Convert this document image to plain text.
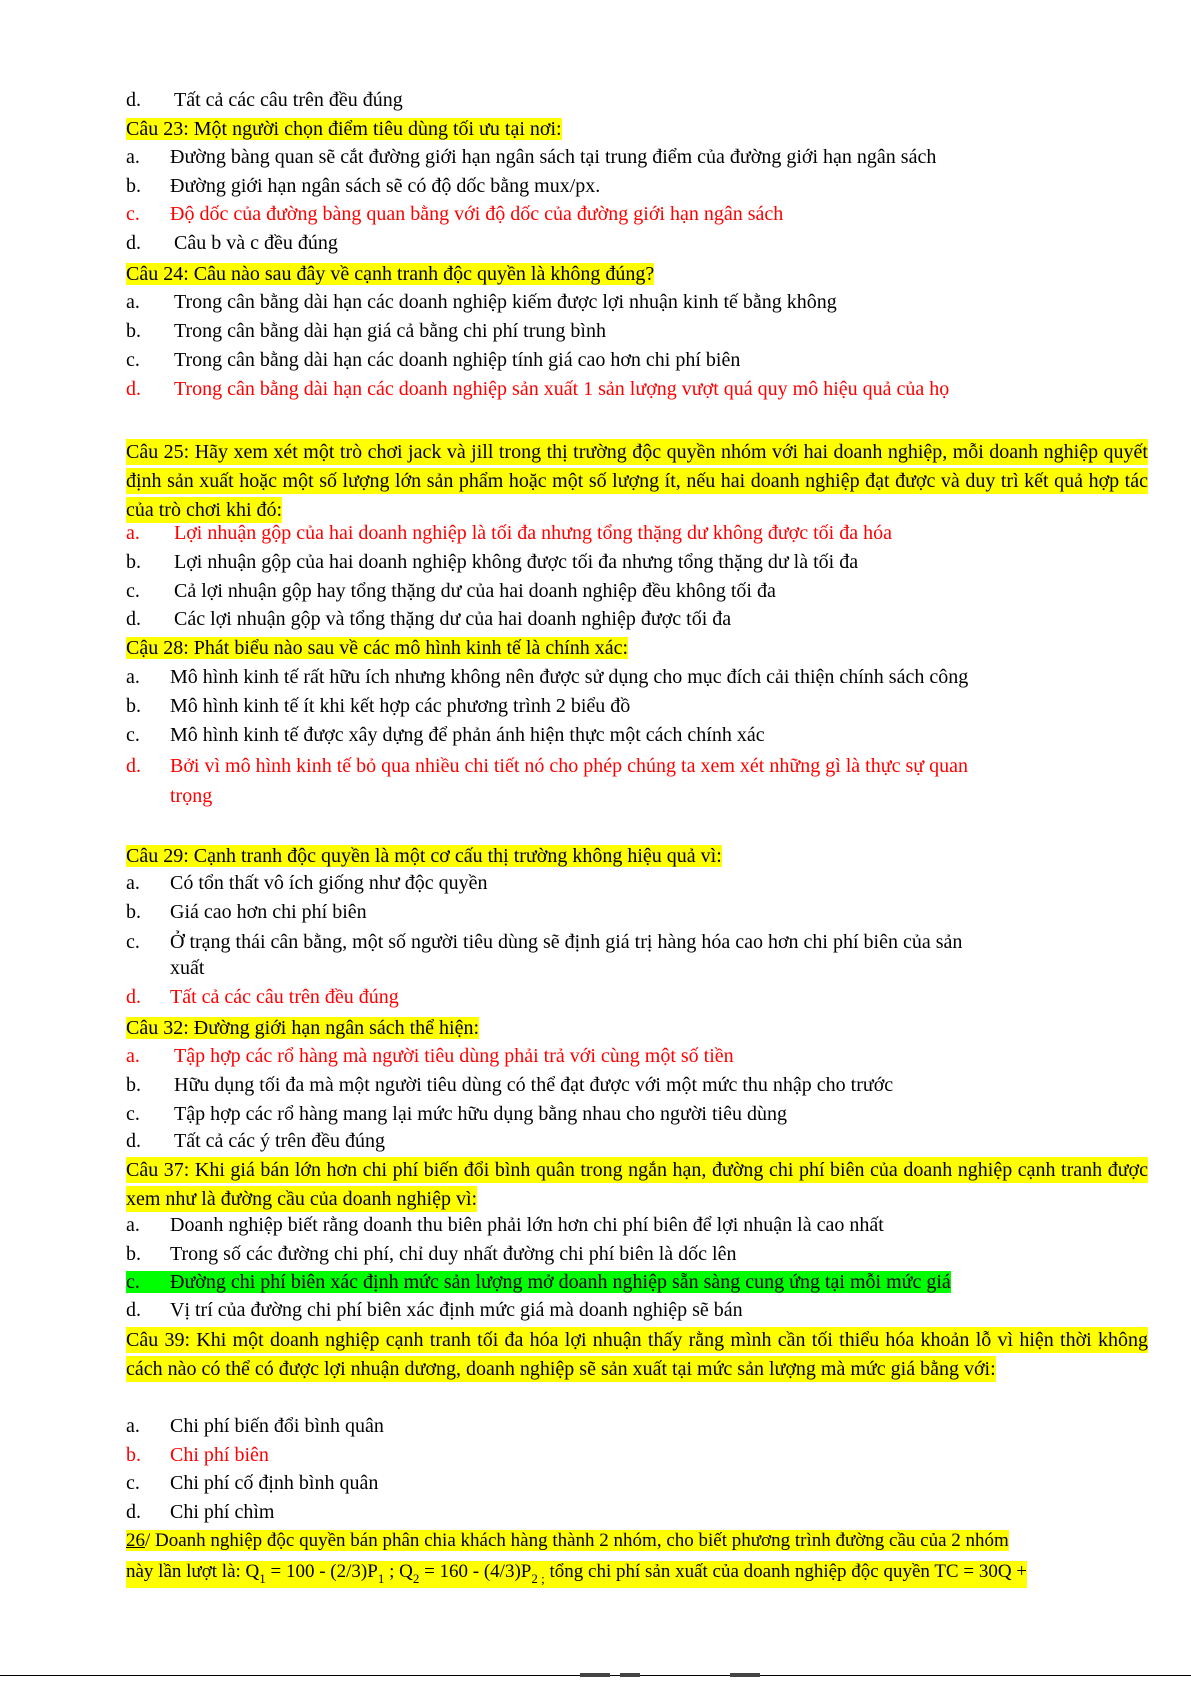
d. Tất cả các câu trên đều đúng
Câu 23: Một người chọn điểm tiêu dùng tối ưu tại nơi:
a. Đường bàng quan sẽ cắt đường giới hạn ngân sách tại trung điểm của đường giới hạn ngân sách
b. Đường giới hạn ngân sách sẽ có độ dốc bằng mux/px.
c. Độ dốc của đường bàng quan bằng với độ dốc của đường giới hạn ngân sách
d. Câu b và c đều đúng
Câu 24: Câu nào sau đây về cạnh tranh độc quyền là không đúng?
a. Trong cân bằng dài hạn các doanh nghiệp kiếm được lợi nhuận kinh tế bằng không
b. Trong cân bằng dài hạn giá cả bằng chi phí trung bình
c. Trong cân bằng dài hạn các doanh nghiệp tính giá cao hơn chi phí biên
d. Trong cân bằng dài hạn các doanh nghiệp sản xuất 1 sản lượng vượt quá quy mô hiệu quả của họ
Câu 25: Hãy xem xét một trò chơi jack và jill trong thị trường độc quyền nhóm với hai doanh nghiệp, mỗi doanh nghiệp quyết định sản xuất hoặc một số lượng lớn sản phẩm hoặc một số lượng ít, nếu hai doanh nghiệp đạt được và duy trì kết quả hợp tác của trò chơi khi đó:
a. Lợi nhuận gộp của hai doanh nghiệp là tối đa nhưng tổng thặng dư không được tối đa hóa
b. Lợi nhuận gộp của hai doanh nghiệp không được tối đa nhưng tổng thặng dư là tối đa
c. Cả lợi nhuận gộp hay tổng thặng dư của hai doanh nghiệp đều không tối đa
d. Các lợi nhuận gộp và tổng thặng dư của hai doanh nghiệp được tối đa
Cậu 28: Phát biểu nào sau về các mô hình kinh tế là chính xác:
a. Mô hình kinh tế rất hữu ích nhưng không nên được sử dụng cho mục đích cải thiện chính sách công
b. Mô hình kinh tế ít khi kết hợp các phương trình 2 biểu đồ
c. Mô hình kinh tế được xây dựng để phản ánh hiện thực một cách chính xác
d. Bởi vì mô hình kinh tế bỏ qua nhiều chi tiết nó cho phép chúng ta xem xét những gì là thực sự quan
trọng
Câu 29: Cạnh tranh độc quyền là một cơ cấu thị trường không hiệu quả vì:
a. Có tổn thất vô ích giống như độc quyền
b. Giá cao hơn chi phí biên
c. Ở trạng thái cân bằng, một số người tiêu dùng sẽ định giá trị hàng hóa cao hơn chi phí biên của sản
xuất
d. Tất cả các câu trên đều đúng
Câu 32: Đường giới hạn ngân sách thể hiện:
a. Tập hợp các rổ hàng mà người tiêu dùng phải trả với cùng một số tiền
b. Hữu dụng tối đa mà một người tiêu dùng có thể đạt được với một mức thu nhập cho trước
c. Tập hợp các rổ hàng mang lại mức hữu dụng bằng nhau cho người tiêu dùng
d. Tất cả các ý trên đều đúng
Câu 37: Khi giá bán lớn hơn chi phí biến đổi bình quân trong ngắn hạn, đường chi phí biên của doanh nghiệp cạnh tranh được xem như là đường cầu của doanh nghiệp vì:
a. Doanh nghiệp biết rằng doanh thu biên phải lớn hơn chi phí biên để lợi nhuận là cao nhất
b. Trong số các đường chi phí, chỉ duy nhất đường chi phí biên là dốc lên
c. Đường chi phí biên xác định mức sản lượng mở doanh nghiệp sẵn sàng cung ứng tại mỗi mức giá
d. Vị trí của đường chi phí biên xác định mức giá mà doanh nghiệp sẽ bán
Câu 39: Khi một doanh nghiệp cạnh tranh tối đa hóa lợi nhuận thấy rằng mình cần tối thiểu hóa khoản lỗ vì hiện thời không cách nào có thể có được lợi nhuận dương, doanh nghiệp sẽ sản xuất tại mức sản lượng mà mức giá bằng với:
a. Chi phí biến đổi bình quân
b. Chi phí biên
c. Chi phí cố định bình quân
d. Chi phí chìm
26/ Doanh nghiệp độc quyền bán phân chia khách hàng thành 2 nhóm, cho biết phương trình đường cầu của 2 nhóm
này lần lượt là: $Q_1 = 100 - (2/3)P_1$ ; $Q_2 = 160 - (4/3)P_{2 ;}$ tổng chi phí sản xuất của doanh nghiệp độc quyền TC = 30Q +
